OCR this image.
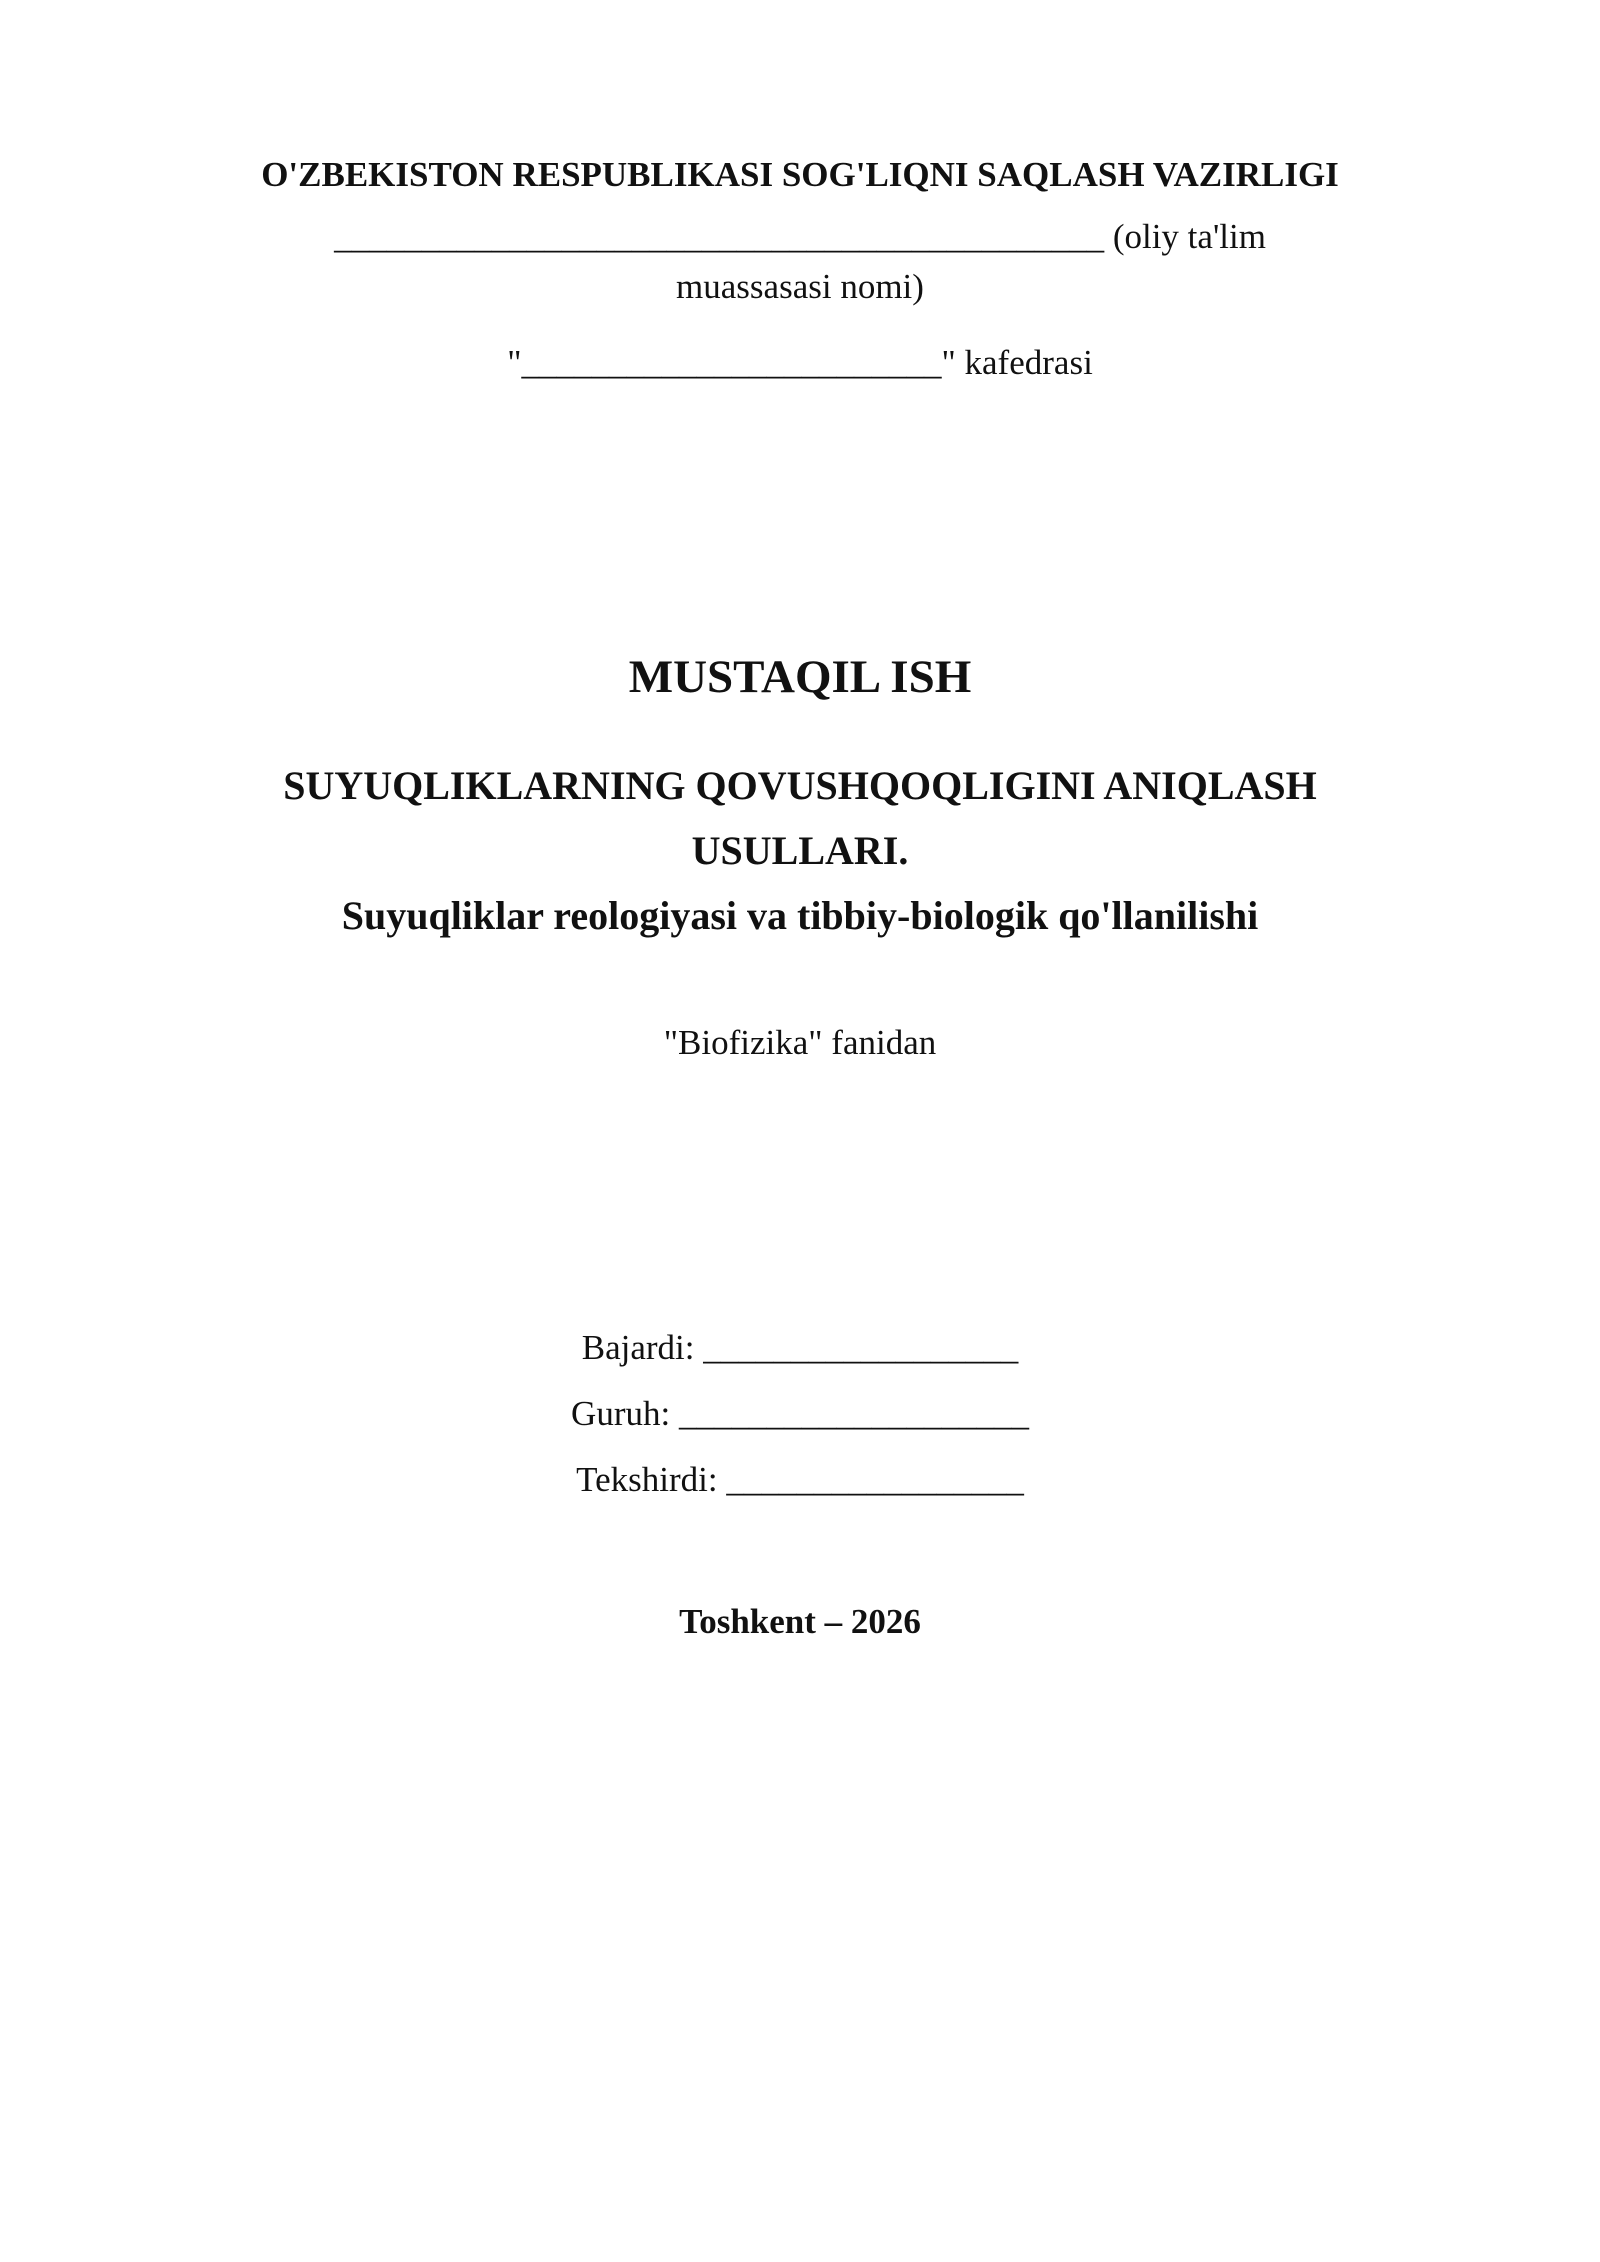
O'ZBEKISTON RESPUBLIKASI SOG'LIQNI SAQLASH VAZIRLIGI
____________________________________________ (oliy ta'lim
muassasasi nomi)
"________________________" kafedrasi
MUSTAQIL ISH
SUYUQLIKLARNING QOVUSHQOQLIGINI ANIQLASH
USULLARI.
Suyuqliklar reologiyasi va tibbiy-biologik qo'llanilishi
"Biofizika" fanidan
Bajardi: __________________
Guruh: ____________________
Tekshirdi: _________________
Toshkent – 2026
